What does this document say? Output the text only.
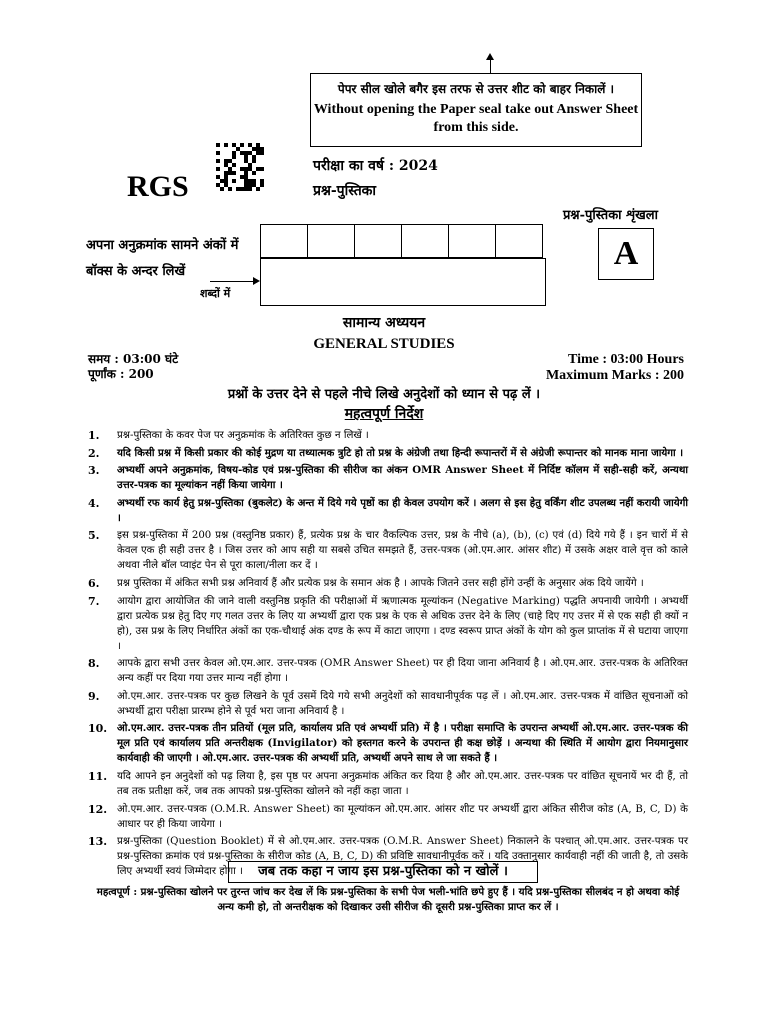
पेपर सील खोले बगैर इस तरफ से उत्तर शीट को बाहर निकालें ।
Without opening the Paper seal take out Answer Sheet
from this side.
RGS
परीक्षा का वर्ष : 2024
प्रश्न-पुस्तिका
प्रश्न-पुस्तिका शृंखला
A
अपना अनुक्रमांक सामने अंकों में
बॉक्स के अन्दर लिखें
शब्दों में
सामान्य अध्ययन
GENERAL STUDIES
समय : 03:00 घंटे
पूर्णांक : 200
Time : 03:00 Hours
Maximum Marks : 200
प्रश्नों के उत्तर देने से पहले नीचे लिखे अनुदेशों को ध्यान से पढ़ लें ।
महत्वपूर्ण निर्देश
1.	प्रश्न-पुस्तिका के कवर पेज पर अनुक्रमांक के अतिरिक्त कुछ न लिखें ।
2.	यदि किसी प्रश्न में किसी प्रकार की कोई मुद्रण या तथ्यात्मक त्रुटि हो तो प्रश्न के अंग्रेजी तथा हिन्दी रूपान्तरों में से अंग्रेजी रूपान्तर को मानक माना जायेगा ।
3.	अभ्यर्थी अपने अनुक्रमांक, विषय-कोड एवं प्रश्न-पुस्तिका की सीरीज का अंकन OMR Answer Sheet में निर्दिष्ट कॉलम में सही-सही करें, अन्यथा उत्तर-पत्रक का मूल्यांकन नहीं किया जायेगा ।
4.	अभ्यर्थी रफ कार्य हेतु प्रश्न-पुस्तिका (बुकलेट) के अन्त में दिये गये पृष्ठों का ही केवल उपयोग करें । अलग से इस हेतु वर्किंग शीट उपलब्ध नहीं करायी जायेगी ।
5.	इस प्रश्न-पुस्तिका में 200 प्रश्न (वस्तुनिष्ठ प्रकार) हैं, प्रत्येक प्रश्न के चार वैकल्पिक उत्तर, प्रश्न के नीचे (a), (b), (c) एवं (d) दिये गये हैं । इन चारों में से केवल एक ही सही उत्तर है । जिस उत्तर को आप सही या सबसे उचित समझते हैं, उत्तर-पत्रक (ओ.एम.आर. आंसर शीट) में उसके अक्षर वाले वृत्त को काले अथवा नीले बॉल प्वाइंट पेन से पूरा काला/नीला कर दें ।
6.	प्रश्न पुस्तिका में अंकित सभी प्रश्न अनिवार्य हैं और प्रत्येक प्रश्न के समान अंक है । आपके जितने उत्तर सही होंगे उन्हीं के अनुसार अंक दिये जायेंगे ।
7.	आयोग द्वारा आयोजित की जाने वाली वस्तुनिष्ठ प्रकृति की परीक्षाओं में ऋणात्मक मूल्यांकन (Negative Marking) पद्धति अपनायी जायेगी । अभ्यर्थी द्वारा प्रत्येक प्रश्न हेतु दिए गए गलत उत्तर के लिए या अभ्यर्थी द्वारा एक प्रश्न के एक से अधिक उत्तर देने के लिए (चाहे दिए गए उत्तर में से एक सही ही क्यों न हो), उस प्रश्न के लिए निर्धारित अंकों का एक-चौथाई अंक दण्ड के रूप में काटा जाएगा । दण्ड स्वरूप प्राप्त अंकों के योग को कुल प्राप्तांक में से घटाया जाएगा ।
8.	आपके द्वारा सभी उत्तर केवल ओ.एम.आर. उत्तर-पत्रक (OMR Answer Sheet) पर ही दिया जाना अनिवार्य है । ओ.एम.आर. उत्तर-पत्रक के अतिरिक्त अन्य कहीं पर दिया गया उत्तर मान्य नहीं होगा ।
9.	ओ.एम.आर. उत्तर-पत्रक पर कुछ लिखने के पूर्व उसमें दिये गये सभी अनुदेशों को सावधानीपूर्वक पढ़ लें । ओ.एम.आर. उत्तर-पत्रक में वांछित सूचनाओं को अभ्यर्थी द्वारा परीक्षा प्रारम्भ होने से पूर्व भरा जाना अनिवार्य है ।
10. ओ.एम.आर. उत्तर-पत्रक तीन प्रतियों (मूल प्रति, कार्यालय प्रति एवं अभ्यर्थी प्रति) में है । परीक्षा समाप्ति के उपरान्त अभ्यर्थी ओ.एम.आर. उत्तर-पत्रक की मूल प्रति एवं कार्यालय प्रति अन्तरीक्षक (Invigilator) को हस्तगत करने के उपरान्त ही कक्ष छोड़ें । अन्यथा की स्थिति में आयोग द्वारा नियमानुसार कार्यवाही की जाएगी । ओ.एम.आर. उत्तर-पत्रक की अभ्यर्थी प्रति, अभ्यर्थी अपने साथ ले जा सकते हैं ।
11. यदि आपने इन अनुदेशों को पढ़ लिया है, इस पृष्ठ पर अपना अनुक्रमांक अंकित कर दिया है और ओ.एम.आर. उत्तर-पत्रक पर वांछित सूचनायें भर दी हैं, तो तब तक प्रतीक्षा करें, जब तक आपको प्रश्न-पुस्तिका खोलने को नहीं कहा जाता ।
12. ओ.एम.आर. उत्तर-पत्रक (O.M.R. Answer Sheet) का मूल्यांकन ओ.एम.आर. आंसर शीट पर अभ्यर्थी द्वारा अंकित सीरीज कोड (A, B, C, D) के आधार पर ही किया जायेगा ।
13. प्रश्न-पुस्तिका (Question Booklet) में से ओ.एम.आर. उत्तर-पत्रक (O.M.R. Answer Sheet) निकालने के पश्चात् ओ.एम.आर. उत्तर-पत्रक पर प्रश्न-पुस्तिका क्रमांक एवं प्रश्न-पुस्तिका के सीरीज कोड (A, B, C, D) की प्रविष्टि सावधानीपूर्वक करें । यदि उक्तानुसार कार्यवाही नहीं की जाती है, तो उसके लिए अभ्यर्थी स्वयं जिम्मेदार होगा ।	जब तक कहा न जाय इस प्रश्न-पुस्तिका को न खोलें ।
महत्वपूर्ण : प्रश्न-पुस्तिका खोलने पर तुरन्त जांच कर देख लें कि प्रश्न-पुस्तिका के सभी पेज भली-भांति छपे हुए हैं । यदि प्रश्न-पुस्तिका सीलबंद न हो अथवा कोई अन्य कमी हो, तो अन्तरीक्षक को दिखाकर उसी सीरीज की दूसरी प्रश्न-पुस्तिका प्राप्त कर लें ।
